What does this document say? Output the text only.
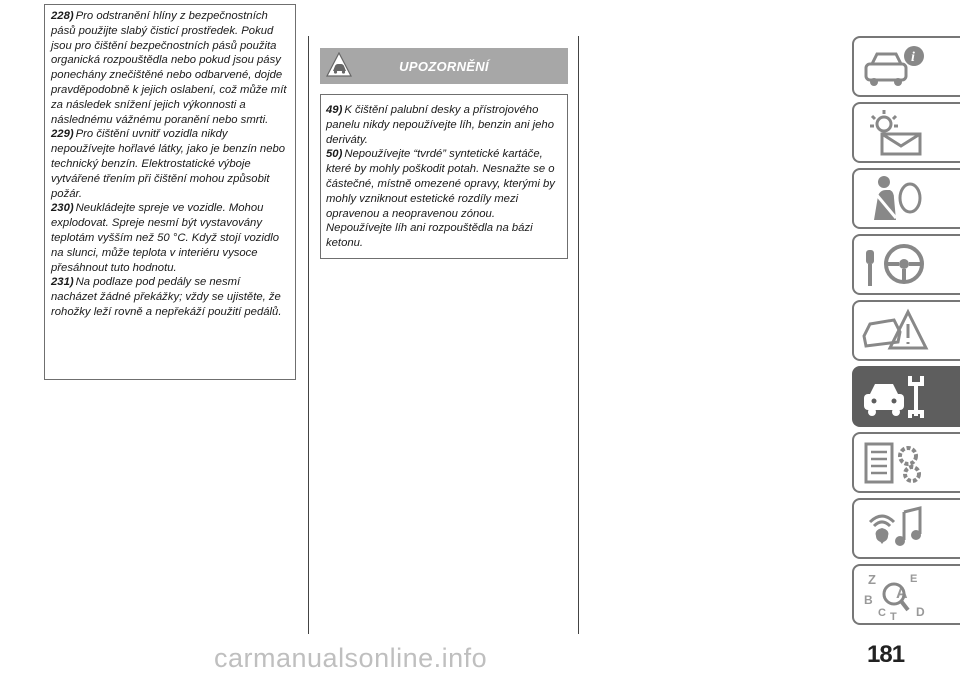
228) Pro odstranění hlíny z bezpečnostních pásů použijte slabý čisticí prostředek. Pokud jsou pro čištění bezpečnostních pásů použita organická rozpouštědla nebo pokud jsou pásy ponechány znečištěné nebo odbarvené, dojde pravděpodobně k jejich oslabení, což může mít za následek snížení jejich výkonnosti a následnému vážnému poranění nebo smrti.

229) Pro čištění uvnitř vozidla nikdy nepoužívejte hořlavé látky, jako je benzín nebo technický benzín. Elektrostatické výboje vytvářené třením při čištění mohou způsobit požár.

230) Neukládejte spreje ve vozidle. Mohou explodovat. Spreje nesmí být vystavovány teplotám vyšším než 50 °C. Když stojí vozidlo na slunci, může teplota v interiéru vysoce přesáhnout tuto hodnotu.

231) Na podlaze pod pedály se nesmí nacházet žádné překážky; vždy se ujistěte, že rohožky leží rovně a nepřekáží použití pedálů.

UPOZORNĚNÍ

49) K čištění palubní desky a přístrojového panelu nikdy nepoužívejte líh, benzin ani jeho deriváty.

50) Nepoužívejte “tvrdé” syntetické kartáče, které by mohly poškodit potah. Nesnažte se o částečné, místně omezené opravy, kterými by mohly vzniknout estetické rozdíly mezi opravenou a neopravenou zónou. Nepoužívejte líh ani rozpouštědla na bázi ketonu.

i
Z	E
B A
C	D
T
181
carmanualsonline.info
